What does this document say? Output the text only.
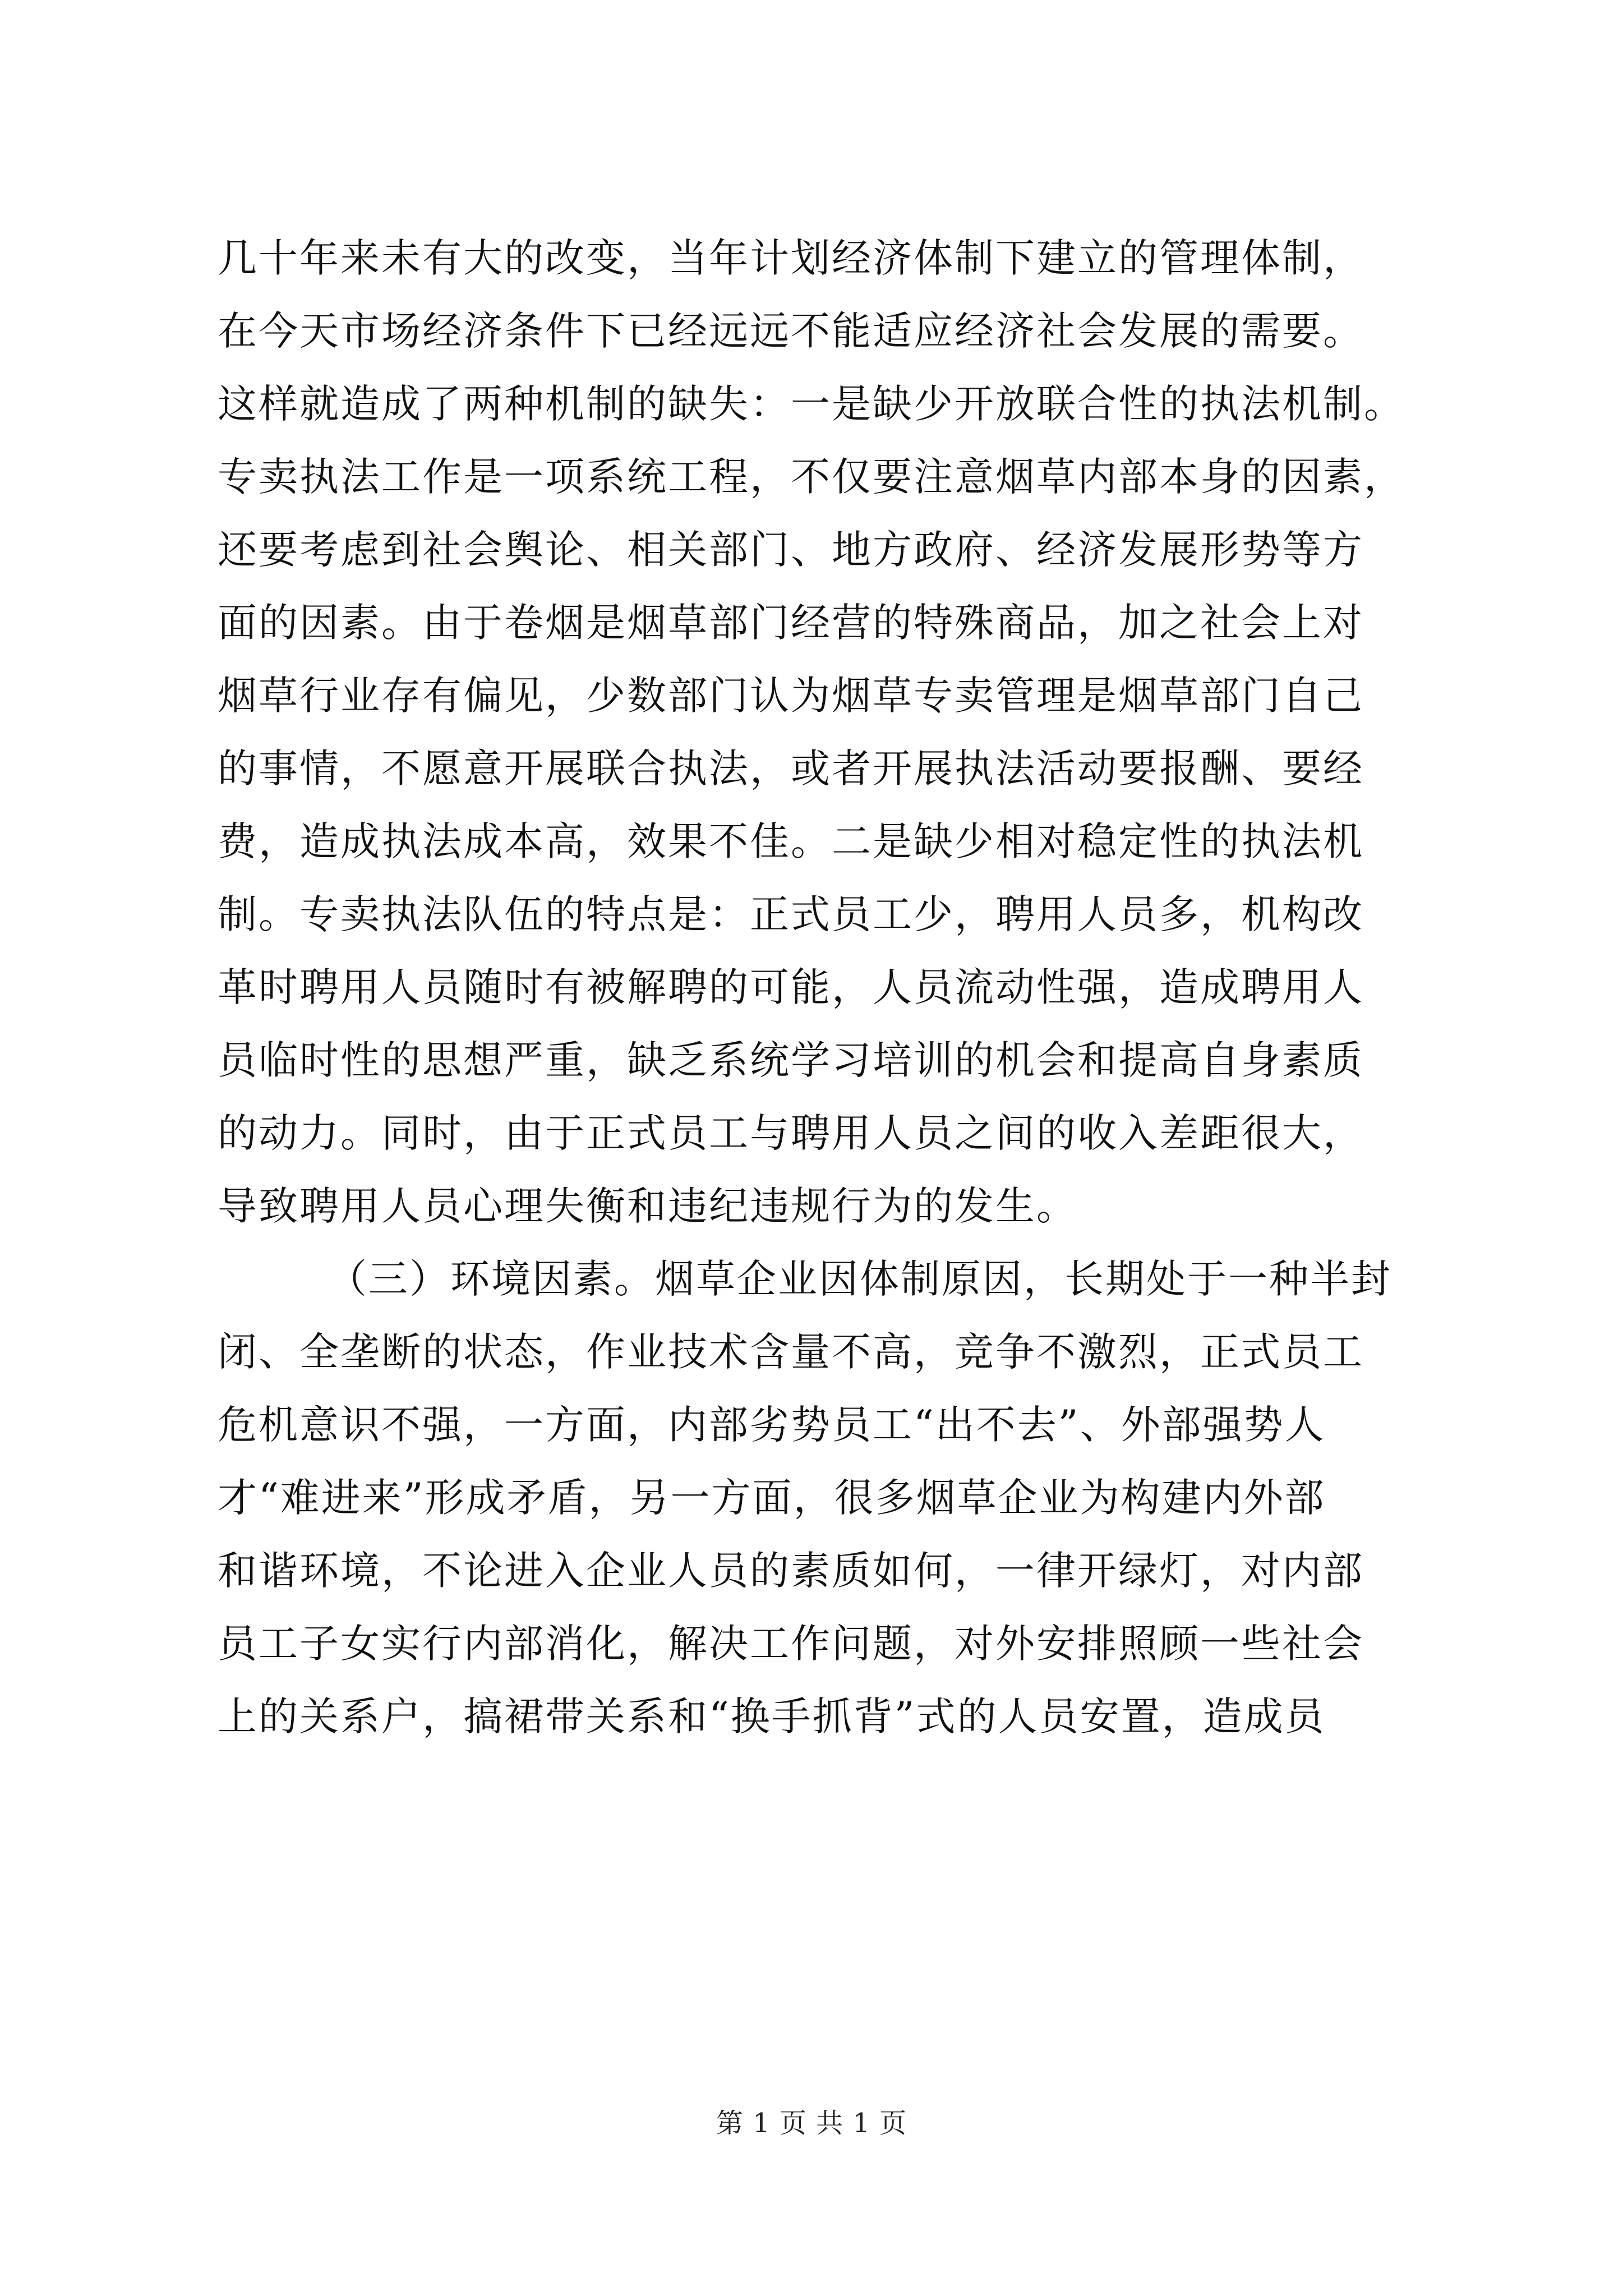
几十年来未有大的改变，当年计划经济体制下建立的管理体制，
在今天市场经济条件下已经远远不能适应经济社会发展的需要。
这样就造成了两种机制的缺失：一是缺少开放联合性的执法机制。
专卖执法工作是一项系统工程，不仅要注意烟草内部本身的因素，
还要考虑到社会舆论、相关部门、地方政府、经济发展形势等方
面的因素。由于卷烟是烟草部门经营的特殊商品，加之社会上对
烟草行业存有偏见，少数部门认为烟草专卖管理是烟草部门自己
的事情，不愿意开展联合执法，或者开展执法活动要报酬、要经
费，造成执法成本高，效果不佳。二是缺少相对稳定性的执法机
制。专卖执法队伍的特点是：正式员工少，聘用人员多，机构改
革时聘用人员随时有被解聘的可能，人员流动性强，造成聘用人
员临时性的思想严重，缺乏系统学习培训的机会和提高自身素质
的动力。同时，由于正式员工与聘用人员之间的收入差距很大，
导致聘用人员心理失衡和违纪违规行为的发生。
（三）环境因素。烟草企业因体制原因，长期处于一种半封
闭、全垄断的状态，作业技术含量不高，竞争不激烈，正式员工
危机意识不强，一方面，内部劣势员工“出不去”、外部强势人
才“难进来”形成矛盾，另一方面，很多烟草企业为构建内外部
和谐环境，不论进入企业人员的素质如何，一律开绿灯，对内部
员工子女实行内部消化，解决工作问题，对外安排照顾一些社会
上的关系户，搞裙带关系和“换手抓背”式的人员安置，造成员
第 1 页 共 1 页
